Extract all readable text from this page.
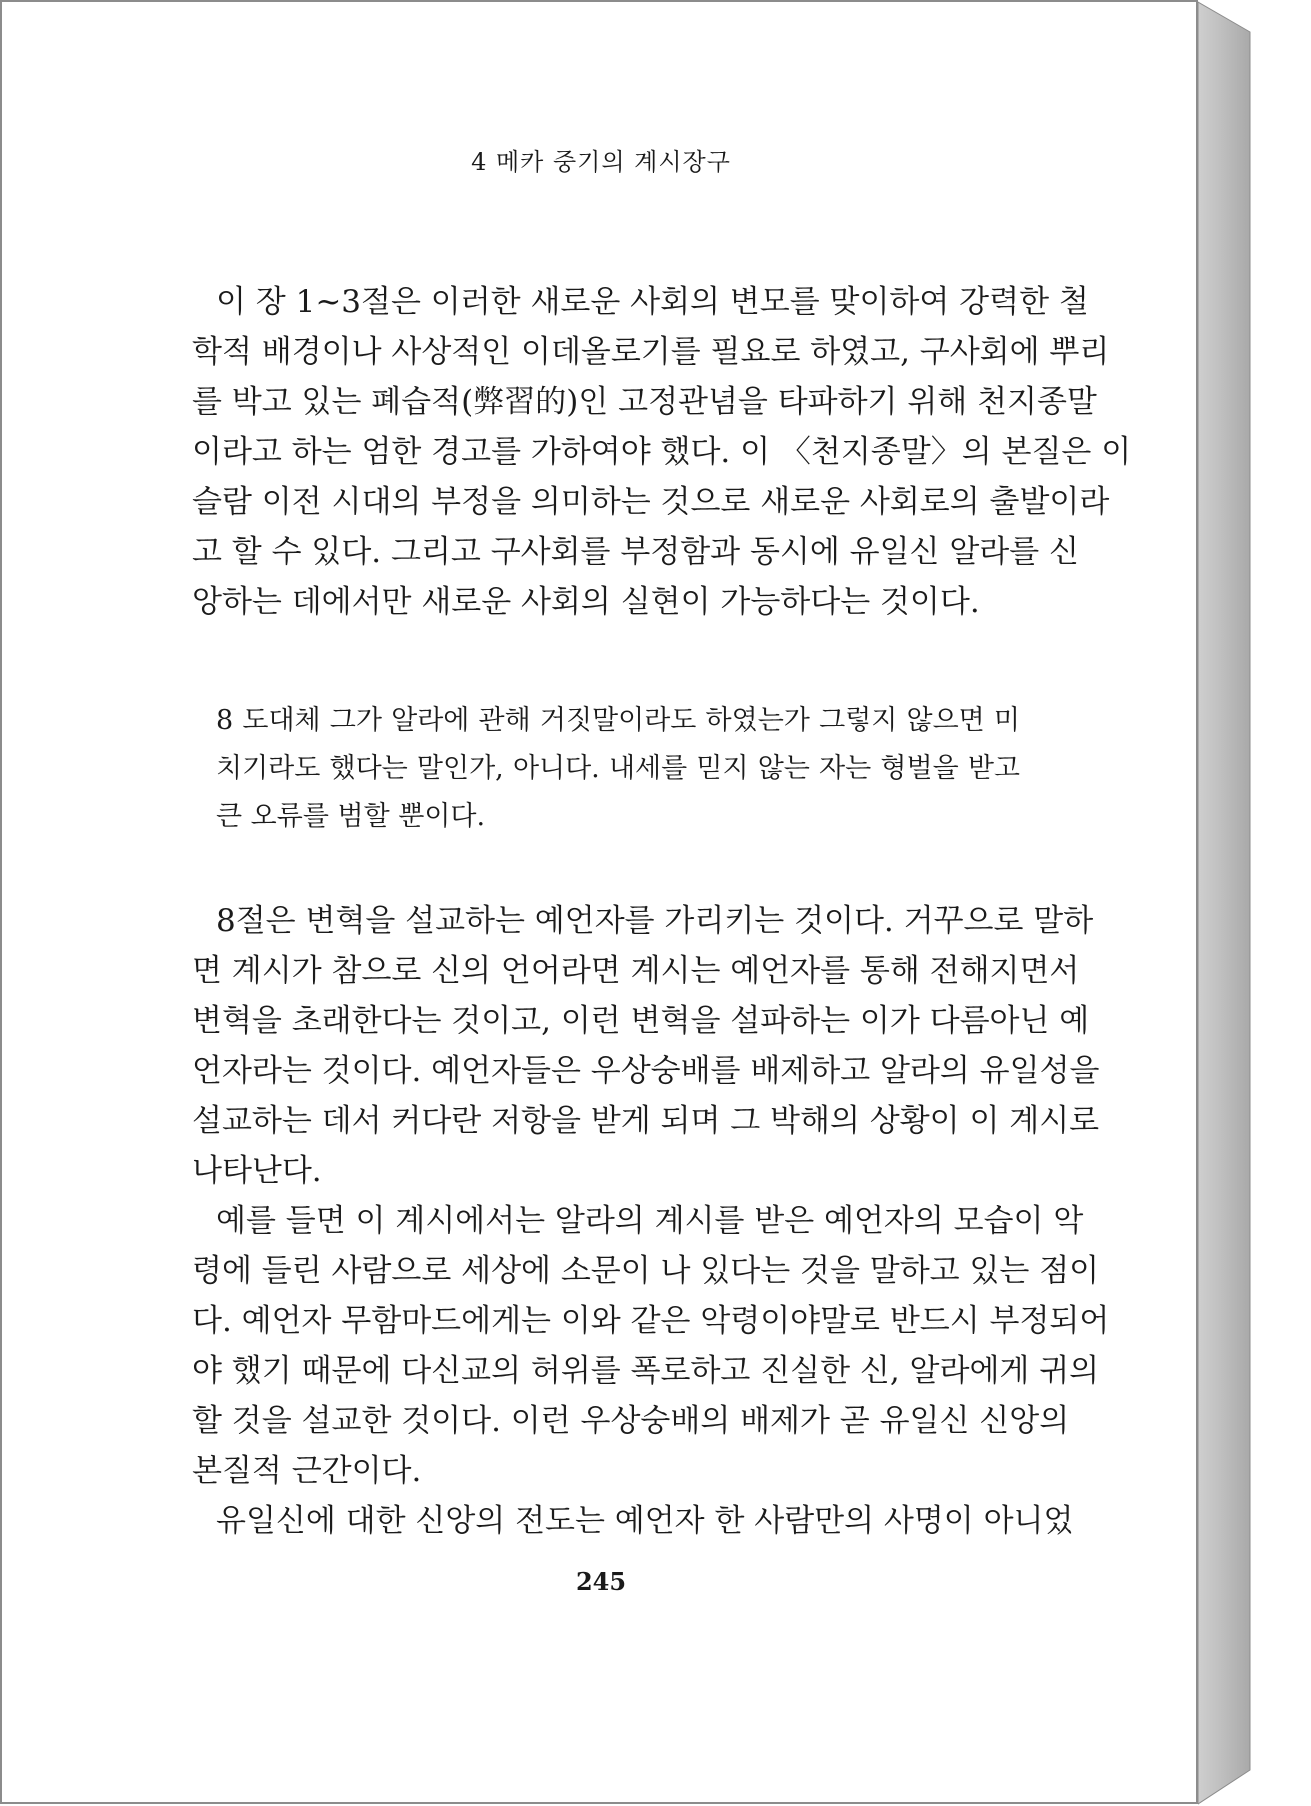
4 메카 중기의 계시장구
이 장 1~3절은 이러한 새로운 사회의 변모를 맞이하여 강력한 철
학적 배경이나 사상적인 이데올로기를 필요로 하였고, 구사회에 뿌리
를 박고 있는 폐습적(弊習的)인 고정관념을 타파하기 위해 천지종말
이라고 하는 엄한 경고를 가하여야 했다. 이 〈천지종말〉의 본질은 이
슬람 이전 시대의 부정을 의미하는 것으로 새로운 사회로의 출발이라
고 할 수 있다. 그리고 구사회를 부정함과 동시에 유일신 알라를 신
앙하는 데에서만 새로운 사회의 실현이 가능하다는 것이다.
8 도대체 그가 알라에 관해 거짓말이라도 하였는가 그렇지 않으면 미
치기라도 했다는 말인가, 아니다. 내세를 믿지 않는 자는 형벌을 받고
큰 오류를 범할 뿐이다.
8절은 변혁을 설교하는 예언자를 가리키는 것이다. 거꾸으로 말하
면 계시가 참으로 신의 언어라면 계시는 예언자를 통해 전해지면서
변혁을 초래한다는 것이고, 이런 변혁을 설파하는 이가 다름아닌 예
언자라는 것이다. 예언자들은 우상숭배를 배제하고 알라의 유일성을
설교하는 데서 커다란 저항을 받게 되며 그 박해의 상황이 이 계시로
나타난다.
예를 들면 이 계시에서는 알라의 계시를 받은 예언자의 모습이 악
령에 들린 사람으로 세상에 소문이 나 있다는 것을 말하고 있는 점이
다. 예언자 무함마드에게는 이와 같은 악령이야말로 반드시 부정되어
야 했기 때문에 다신교의 허위를 폭로하고 진실한 신, 알라에게 귀의
할 것을 설교한 것이다. 이런 우상숭배의 배제가 곧 유일신 신앙의
본질적 근간이다.
유일신에 대한 신앙의 전도는 예언자 한 사람만의 사명이 아니었
245
